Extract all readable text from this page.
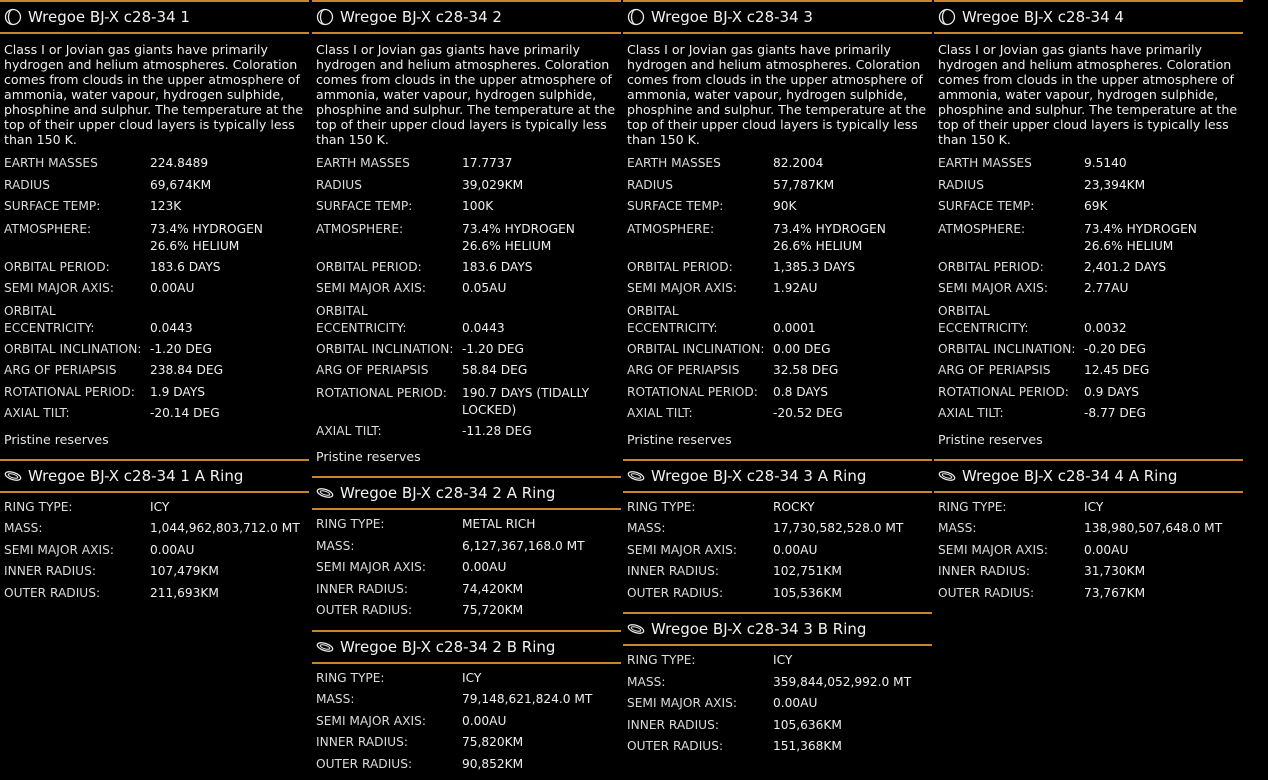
Wregoe BJ-X c28-34 1
Class I or Jovian gas giants have primarily hydrogen and helium atmospheres. Coloration comes from clouds in the upper atmosphere of ammonia, water vapour, hydrogen sulphide, phosphine and sulphur. The temperature at the top of their upper cloud layers is typically less than 150 K.
EARTH MASSES	224.8489
RADIUS	69,674KM
SURFACE TEMP:	123K
ATMOSPHERE:	73.4% HYDROGEN
26.6% HELIUM
ORBITAL PERIOD:	183.6 DAYS
SEMI MAJOR AXIS:	0.00AU
ORBITAL
ECCENTRICITY:
	0.0443
ORBITAL INCLINATION: -1.20 DEG
ARG OF PERIAPSIS	238.84 DEG
ROTATIONAL PERIOD:	1.9 DAYS
AXIAL TILT:	-20.14 DEG
Pristine reserves
Wregoe BJ-X c28-34 1 A Ring
RING TYPE:	ICY
MASS:	1,044,962,803,712.0 MT
SEMI MAJOR AXIS:	0.00AU
INNER RADIUS:	107,479KM
OUTER RADIUS:	211,693KM
Wregoe BJ-X c28-34 2
Class I or Jovian gas giants have primarily hydrogen and helium atmospheres. Coloration comes from clouds in the upper atmosphere of ammonia, water vapour, hydrogen sulphide, phosphine and sulphur. The temperature at the top of their upper cloud layers is typically less than 150 K.
EARTH MASSES	17.7737
RADIUS	39,029KM
SURFACE TEMP:	100K
ATMOSPHERE:	73.4% HYDROGEN
26.6% HELIUM
ORBITAL PERIOD:	183.6 DAYS
SEMI MAJOR AXIS:	0.05AU
ORBITAL
ECCENTRICITY:
	0.0443
ORBITAL INCLINATION: -1.20 DEG
ARG OF PERIAPSIS	58.84 DEG
ROTATIONAL PERIOD:	190.7 DAYS (TIDALLY
LOCKED)
AXIAL TILT:	-11.28 DEG
Pristine reserves
Wregoe BJ-X c28-34 2 A Ring
RING TYPE:	METAL RICH
MASS:	6,127,367,168.0 MT
SEMI MAJOR AXIS:	0.00AU
INNER RADIUS:	74,420KM
OUTER RADIUS:	75,720KM
Wregoe BJ-X c28-34 2 B Ring
RING TYPE:	ICY
MASS:	79,148,621,824.0 MT
SEMI MAJOR AXIS:	0.00AU
INNER RADIUS:	75,820KM
OUTER RADIUS:	90,852KM
Wregoe BJ-X c28-34 3
Class I or Jovian gas giants have primarily hydrogen and helium atmospheres. Coloration comes from clouds in the upper atmosphere of ammonia, water vapour, hydrogen sulphide, phosphine and sulphur. The temperature at the top of their upper cloud layers is typically less than 150 K.
EARTH MASSES	82.2004
RADIUS	57,787KM
SURFACE TEMP:	90K
ATMOSPHERE:	73.4% HYDROGEN
26.6% HELIUM
ORBITAL PERIOD:	1,385.3 DAYS
SEMI MAJOR AXIS:	1.92AU
ORBITAL
ECCENTRICITY:
	0.0001
ORBITAL INCLINATION: 0.00 DEG
ARG OF PERIAPSIS	32.58 DEG
ROTATIONAL PERIOD:	0.8 DAYS
AXIAL TILT:	-20.52 DEG
Pristine reserves
Wregoe BJ-X c28-34 3 A Ring
RING TYPE:	ROCKY
MASS:	17,730,582,528.0 MT
SEMI MAJOR AXIS:	0.00AU
INNER RADIUS:	102,751KM
OUTER RADIUS:	105,536KM
Wregoe BJ-X c28-34 3 B Ring
RING TYPE:	ICY
MASS:	359,844,052,992.0 MT
SEMI MAJOR AXIS:	0.00AU
INNER RADIUS:	105,636KM
OUTER RADIUS:	151,368KM
Wregoe BJ-X c28-34 4
Class I or Jovian gas giants have primarily hydrogen and helium atmospheres. Coloration comes from clouds in the upper atmosphere of ammonia, water vapour, hydrogen sulphide, phosphine and sulphur. The temperature at the top of their upper cloud layers is typically less than 150 K.
EARTH MASSES	9.5140
RADIUS	23,394KM
SURFACE TEMP:	69K
ATMOSPHERE:	73.4% HYDROGEN
26.6% HELIUM
ORBITAL PERIOD:	2,401.2 DAYS
SEMI MAJOR AXIS:	2.77AU
ORBITAL
ECCENTRICITY:
	0.0032
ORBITAL INCLINATION: -0.20 DEG
ARG OF PERIAPSIS	12.45 DEG
ROTATIONAL PERIOD:	0.9 DAYS
AXIAL TILT:	-8.77 DEG
Pristine reserves
Wregoe BJ-X c28-34 4 A Ring
RING TYPE:	ICY
MASS:	138,980,507,648.0 MT
SEMI MAJOR AXIS:	0.00AU
INNER RADIUS:	31,730KM
OUTER RADIUS:	73,767KM
